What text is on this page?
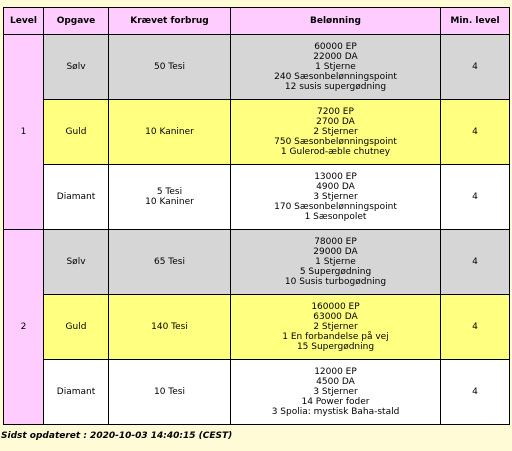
Level	Opgave	Krævet forbrug	Belønning	Min. level
1	Sølv	50 Tesi	60000 EP
22000 DA
1 Stjerne
240 Sæsonbelønningspoint
12 susis supergødning	4
	Guld	10 Kaniner	7200 EP
2700 DA
2 Stjerner
750 Sæsonbelønningspoint
1 Gulerod-æble chutney	4
	Diamant	5 Tesi
10 Kaniner	13000 EP
4900 DA
3 Stjerner
170 Sæsonbelønningspoint
1 Sæsonpolet	4
2	Sølv	65 Tesi	78000 EP
29000 DA
1 Stjerne
5 Supergødning
10 Susis turbogødning	4
	Guld	140 Tesi	160000 EP
63000 DA
2 Stjerner
1 En forbandelse på vej
15 Supergødning	4
	Diamant	10 Tesi	12000 EP
4500 DA
3 Stjerner
14 Power foder
3 Spolia: mystisk Baha-stald	4
Sidst opdateret : 2020-10-03 14:40:15 (CEST)
